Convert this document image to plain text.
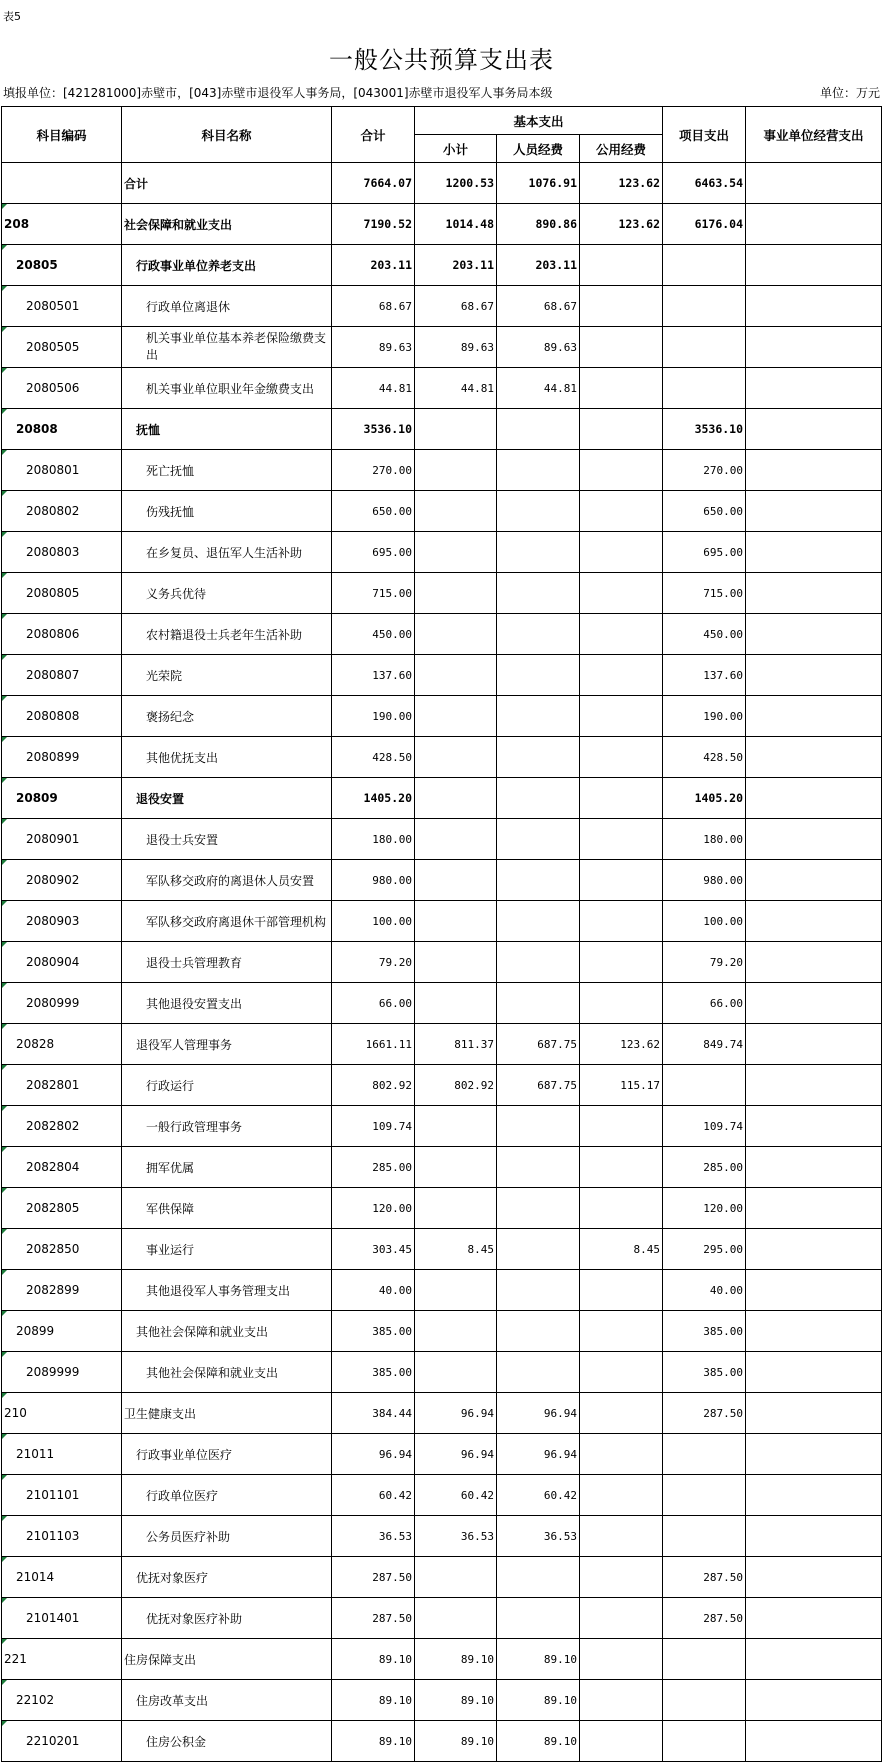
表5
一般公共预算支出表
填报单位：[421281000]赤壁市，[043]赤壁市退役军人事务局，[043001]赤壁市退役军人事务局本级	单位：万元
科目编码	科目名称	合计	基本支出			项目支出	事业单位经营支出
			小计	人员经费	公用经费		
	合计	7664.07	1200.53	1076.91	123.62	6463.54	
208	社会保障和就业支出	7190.52	1014.48	890.86	123.62	6176.04	
20805	行政事业单位养老支出	203.11	203.11	203.11			
2080501	行政单位离退休	68.67	68.67	68.67			
2080505	机关事业单位基本养老保险缴费支出	89.63	89.63	89.63			
2080506	机关事业单位职业年金缴费支出	44.81	44.81	44.81			
20808	抚恤	3536.10				3536.10	
2080801	死亡抚恤	270.00				270.00	
2080802	伤残抚恤	650.00				650.00	
2080803	在乡复员、退伍军人生活补助	695.00				695.00	
2080805	义务兵优待	715.00				715.00	
2080806	农村籍退役士兵老年生活补助	450.00				450.00	
2080807	光荣院	137.60				137.60	
2080808	褒扬纪念	190.00				190.00	
2080899	其他优抚支出	428.50				428.50	
20809	退役安置	1405.20				1405.20	
2080901	退役士兵安置	180.00				180.00	
2080902	军队移交政府的离退休人员安置	980.00				980.00	
2080903	军队移交政府离退休干部管理机构	100.00				100.00	
2080904	退役士兵管理教育	79.20				79.20	
2080999	其他退役安置支出	66.00				66.00	
20828	退役军人管理事务	1661.11	811.37	687.75	123.62	849.74	
2082801	行政运行	802.92	802.92	687.75	115.17		
2082802	一般行政管理事务	109.74				109.74	
2082804	拥军优属	285.00				285.00	
2082805	军供保障	120.00				120.00	
2082850	事业运行	303.45	8.45		8.45	295.00	
2082899	其他退役军人事务管理支出	40.00				40.00	
20899	其他社会保障和就业支出	385.00				385.00	
2089999	其他社会保障和就业支出	385.00				385.00	
210	卫生健康支出	384.44	96.94	96.94		287.50	
21011	行政事业单位医疗	96.94	96.94	96.94			
2101101	行政单位医疗	60.42	60.42	60.42			
2101103	公务员医疗补助	36.53	36.53	36.53			
21014	优抚对象医疗	287.50				287.50	
2101401	优抚对象医疗补助	287.50				287.50	
221	住房保障支出	89.10	89.10	89.10			
22102	住房改革支出	89.10	89.10	89.10			
2210201	住房公积金	89.10	89.10	89.10			
